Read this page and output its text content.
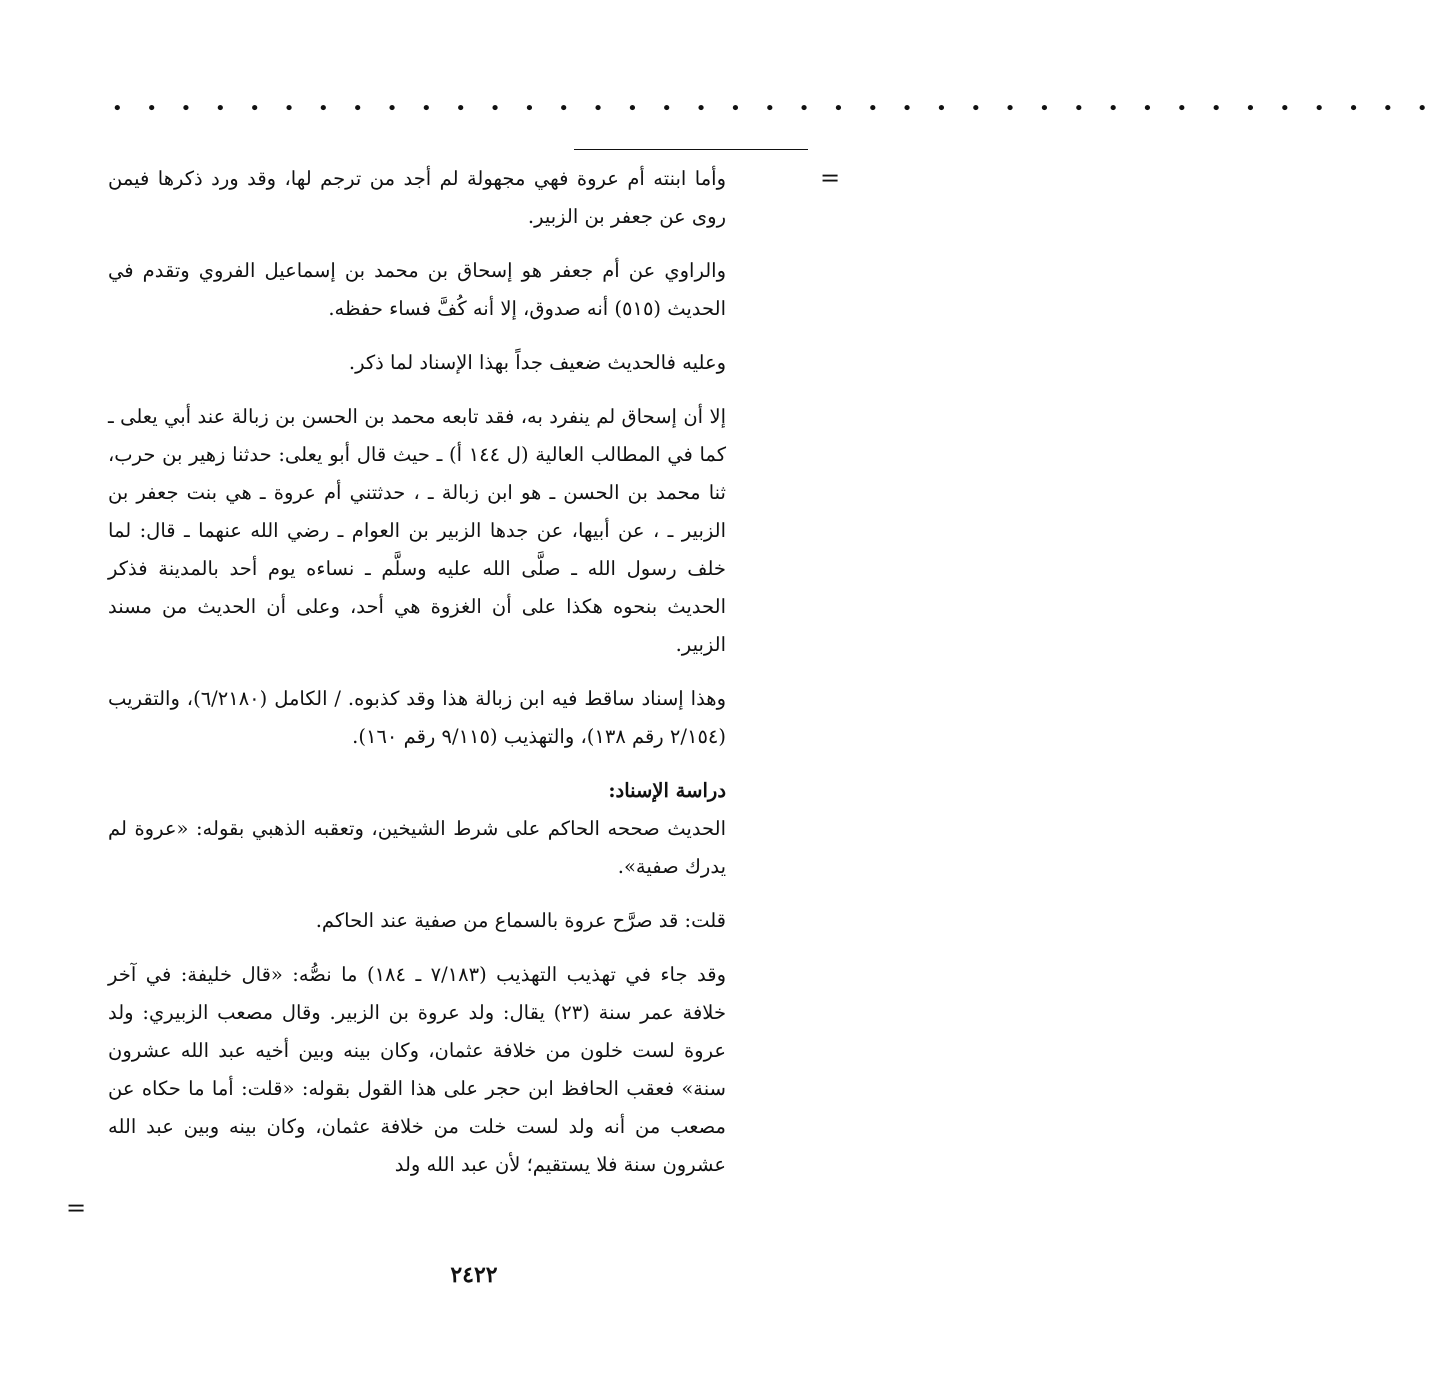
• • • • • • • • • • • • • • • • • • • • • • • • • • • • • • • • • • • • • • •
=

وأما ابنته أم عروة فهي مجهولة لم أجد من ترجم لها، وقد ورد ذكرها فيمن روى عن جعفر بن الزبير.

والراوي عن أم جعفر هو إسحاق بن محمد بن إسماعيل الفروي وتقدم في الحديث (٥١٥) أنه صدوق، إلا أنه كُفَّ فساء حفظه.

وعليه فالحديث ضعيف جداً بهذا الإسناد لما ذكر.

إلا أن إسحاق لم ينفرد به، فقد تابعه محمد بن الحسن بن زبالة عند أبي يعلى ـ كما في المطالب العالية (ل ١٤٤ أ) ـ حيث قال أبو يعلى: حدثنا زهير بن حرب، ثنا محمد بن الحسن ـ هو ابن زبالة ـ ، حدثتني أم عروة ـ هي بنت جعفر بن الزبير ـ ، عن أبيها، عن جدها الزبير بن العوام ـ رضي الله عنهما ـ قال: لما خلف رسول الله ـ صلَّى الله عليه وسلَّم ـ نساءه يوم أحد بالمدينة فذكر الحديث بنحوه هكذا على أن الغزوة هي أحد، وعلى أن الحديث من مسند الزبير.

وهذا إسناد ساقط فيه ابن زبالة هذا وقد كذبوه. / الكامل (٦/٢١٨٠)، والتقريب (٢/١٥٤ رقم ١٣٨)، والتهذيب (٩/١١٥ رقم ١٦٠).

دراسة الإسناد:

الحديث صححه الحاكم على شرط الشيخين، وتعقبه الذهبي بقوله: «عروة لم يدرك صفية».

قلت: قد صرَّح عروة بالسماع من صفية عند الحاكم.

وقد جاء في تهذيب التهذيب (٧/١٨٣ ـ ١٨٤) ما نصُّه: «قال خليفة: في آخر خلافة عمر سنة (٢٣) يقال: ولد عروة بن الزبير. وقال مصعب الزبيري: ولد عروة لست خلون من خلافة عثمان، وكان بينه وبين أخيه عبد الله عشرون سنة» فعقب الحافظ ابن حجر على هذا القول بقوله: «قلت: أما ما حكاه عن مصعب من أنه ولد لست خلت من خلافة عثمان، وكان بينه وبين عبد الله عشرون سنة فلا يستقيم؛ لأن عبد الله ولد

=
٢٤٢٢
